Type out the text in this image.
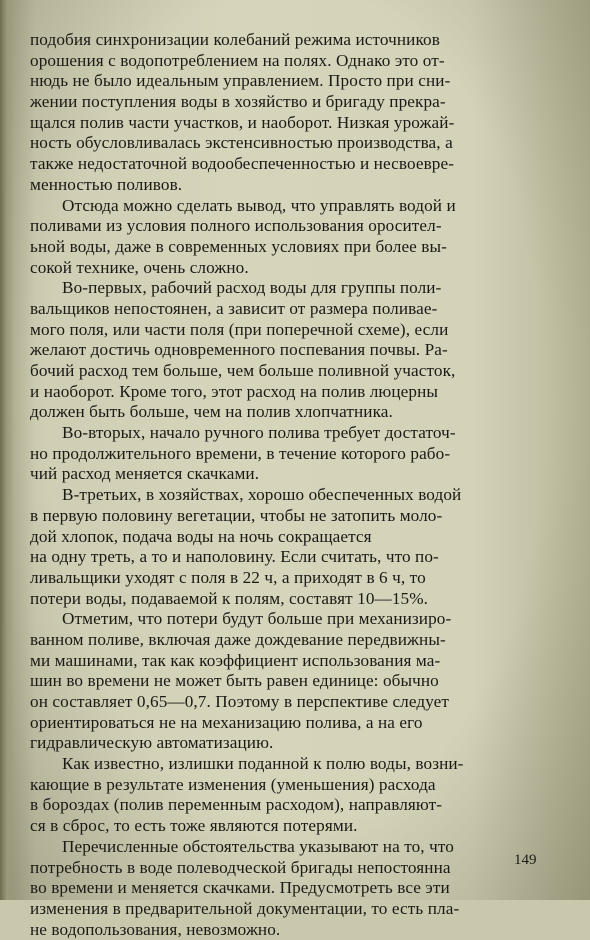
подобия синхронизации колебаний режима источников
орошения с водопотреблением на полях. Однако это от-
нюдь не было идеальным управлением. Просто при сни-
жении поступления воды в хозяйство и бригаду прекра-
щался полив части участков, и наоборот. Низкая урожай-
ность обусловливалась экстенсивностью производства, а
также недостаточной водообеспеченностью и несвоевре-
менностью поливов.
Отсюда можно сделать вывод, что управлять водой и
поливами из условия полного использования оросител-
ьной воды, даже в современных условиях при более вы-
сокой технике, очень сложно.
Во-первых, рабочий расход воды для группы поли-
вальщиков непостоянен, а зависит от размера поливае-
мого поля, или части поля (при поперечной схеме), если
желают достичь одновременного поспевания почвы. Ра-
бочий расход тем больше, чем больше поливной участок,
и наоборот. Кроме того, этот расход на полив люцерны
должен быть больше, чем на полив хлопчатника.
Во-вторых, начало ручного полива требует достаточ-
но продолжительного времени, в течение которого рабо-
чий расход меняется скачками.
В-третьих, в хозяйствах, хорошо обеспеченных водой
в первую половину вегетации, чтобы не затопить моло-
дой хлопок, подача воды на ночь сокращается
на одну треть, а то и наполовину. Если считать, что по-
ливальщики уходят с поля в 22 ч, а приходят в 6 ч, то
потери воды, подаваемой к полям, составят 10—15%.
Отметим, что потери будут больше при механизиро-
ванном поливе, включая даже дождевание передвижны-
ми машинами, так как коэффициент использования ма-
шин во времени не может быть равен единице: обычно
он составляет 0,65—0,7. Поэтому в перспективе следует
ориентироваться не на механизацию полива, а на его
гидравлическую автоматизацию.
Как известно, излишки поданной к полю воды, возни-
кающие в результате изменения (уменьшения) расхода
в бороздах (полив переменным расходом), направляют-
ся в сброс, то есть тоже являются потерями.
Перечисленные обстоятельства указывают на то, что
потребность в воде полеводческой бригады непостоянна
во времени и меняется скачками. Предусмотреть все эти
изменения в предварительной документации, то есть пла-
не водопользования, невозможно.
149
